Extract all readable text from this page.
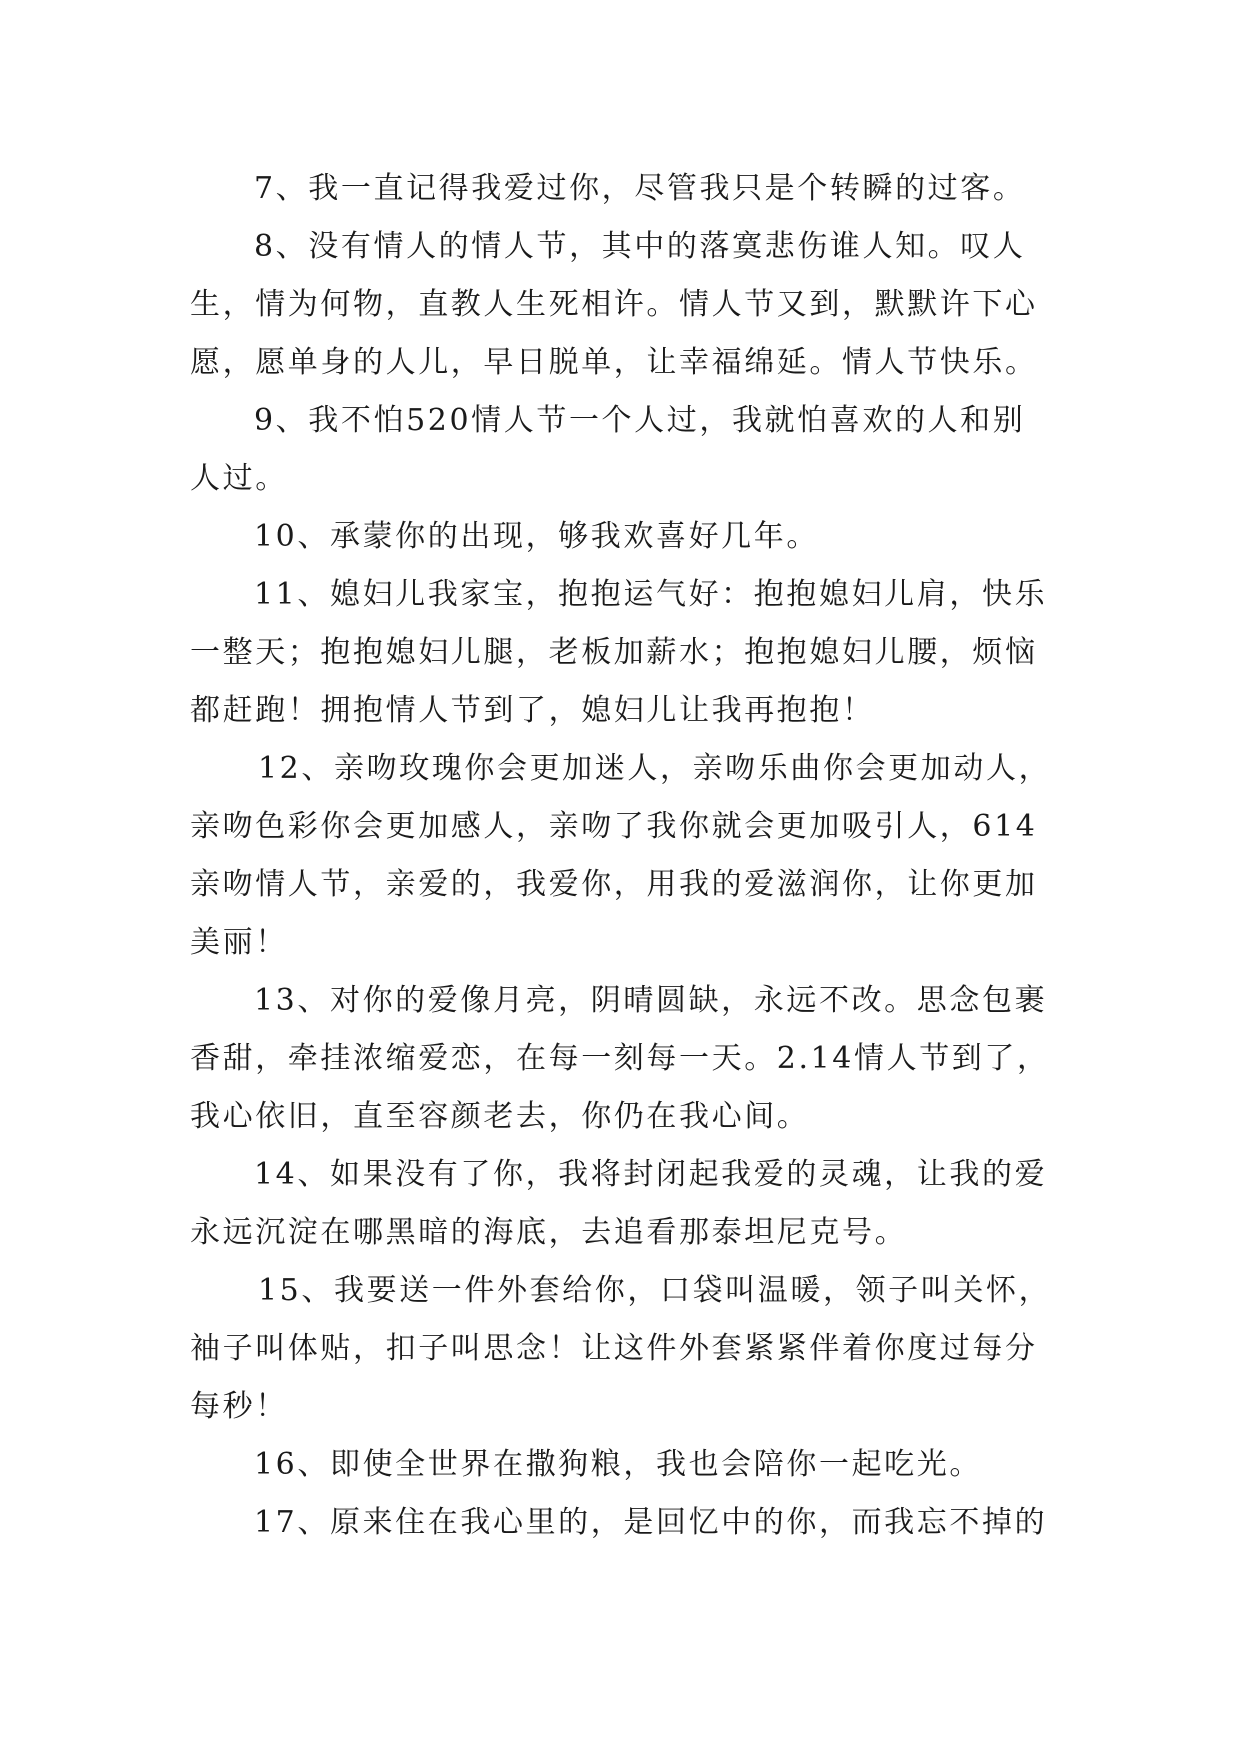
7、我一直记得我爱过你，尽管我只是个转瞬的过客。
8、没有情人的情人节，其中的落寞悲伤谁人知。叹人
生，情为何物，直教人生死相许。情人节又到，默默许下心
愿，愿单身的人儿，早日脱单，让幸福绵延。情人节快乐。
9、我不怕520情人节一个人过，我就怕喜欢的人和别
人过。
10、承蒙你的出现，够我欢喜好几年。
11、媳妇儿我家宝，抱抱运气好：抱抱媳妇儿肩，快乐
一整天；抱抱媳妇儿腿，老板加薪水；抱抱媳妇儿腰，烦恼
都赶跑！拥抱情人节到了，媳妇儿让我再抱抱！
12、亲吻玫瑰你会更加迷人，亲吻乐曲你会更加动人，
亲吻色彩你会更加感人，亲吻了我你就会更加吸引人，614
亲吻情人节，亲爱的，我爱你，用我的爱滋润你，让你更加
美丽！
13、对你的爱像月亮，阴晴圆缺，永远不改。思念包裹
香甜，牵挂浓缩爱恋，在每一刻每一天。2.14情人节到了，
我心依旧，直至容颜老去，你仍在我心间。
14、如果没有了你，我将封闭起我爱的灵魂，让我的爱
永远沉淀在哪黑暗的海底，去追看那泰坦尼克号。
15、我要送一件外套给你，口袋叫温暖，领子叫关怀，
袖子叫体贴，扣子叫思念！让这件外套紧紧伴着你度过每分
每秒！
16、即使全世界在撒狗粮，我也会陪你一起吃光。
17、原来住在我心里的，是回忆中的你，而我忘不掉的
